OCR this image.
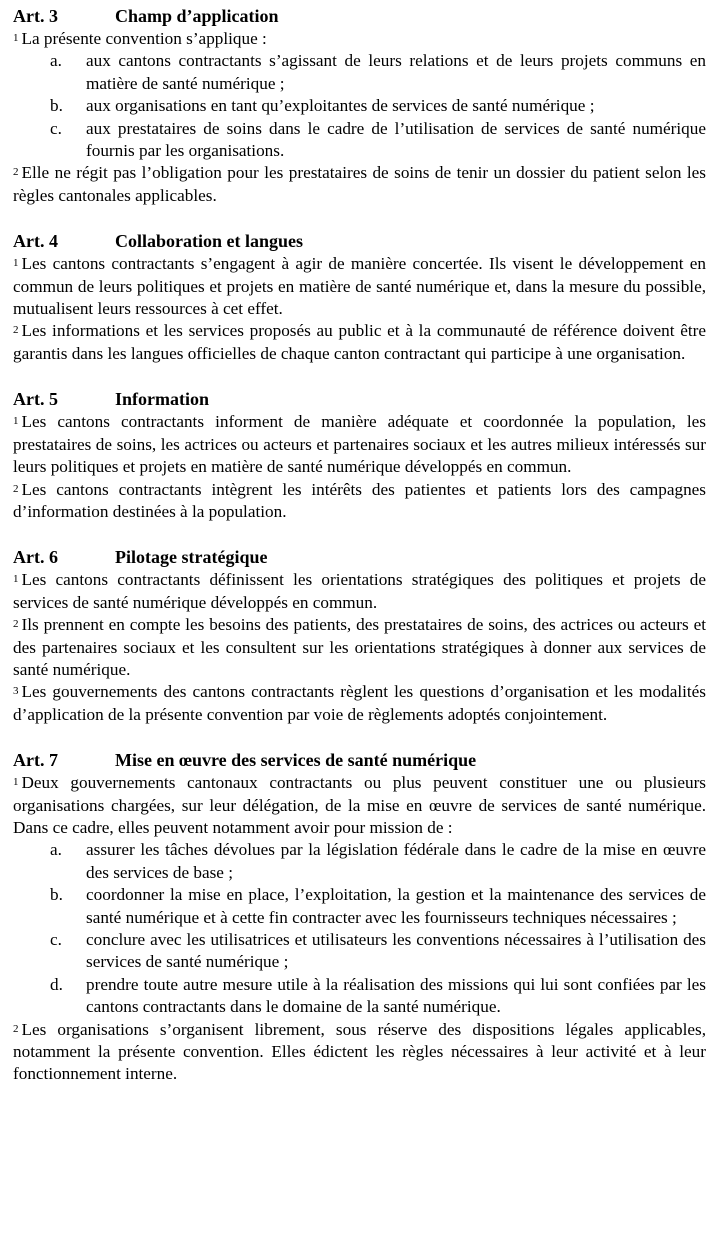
Art. 3	Champ d’application

$^1$ La présente convention s’applique :

a.	aux cantons contractants s’agissant de leurs relations et de leurs projets communs en matière de santé numérique ;
b.	aux organisations en tant qu’exploitantes de services de santé numérique ;
c.	aux prestataires de soins dans le cadre de l’utilisation de services de santé numérique fournis par les organisations.

$^2$ Elle ne régit pas l’obligation pour les prestataires de soins de tenir un dossier du patient selon les règles cantonales applicables.

Art. 4	Collaboration et langues

$^1$ Les cantons contractants s’engagent à agir de manière concertée. Ils visent le développement en commun de leurs politiques et projets en matière de santé numérique et, dans la mesure du possible, mutualisent leurs ressources à cet effet.

$^2$ Les informations et les services proposés au public et à la communauté de référence doivent être garantis dans les langues officielles de chaque canton contractant qui participe à une organisation.

Art. 5	Information

$^1$ Les cantons contractants informent de manière adéquate et coordonnée la population, les prestataires de soins, les actrices ou acteurs et partenaires sociaux et les autres milieux intéressés sur leurs politiques et projets en matière de santé numérique développés en commun.

$^2$ Les cantons contractants intègrent les intérêts des patientes et patients lors des campagnes d’information destinées à la population.

Art. 6	Pilotage stratégique

$^1$ Les cantons contractants définissent les orientations stratégiques des politiques et projets de services de santé numérique développés en commun.

$^2$ Ils prennent en compte les besoins des patients, des prestataires de soins, des actrices ou acteurs et des partenaires sociaux et les consultent sur les orientations stratégiques à donner aux services de santé numérique.

$^3$ Les gouvernements des cantons contractants règlent les questions d’organisation et les modalités d’application de la présente convention par voie de règlements adoptés conjointement.

Art. 7	Mise en œuvre des services de santé numérique

$^1$ Deux gouvernements cantonaux contractants ou plus peuvent constituer une ou plusieurs organisations chargées, sur leur délégation, de la mise en œuvre de services de santé numérique. Dans ce cadre, elles peuvent notamment avoir pour mission de :

a.	assurer les tâches dévolues par la législation fédérale dans le cadre de la mise en œuvre des services de base ;
b.	coordonner la mise en place, l’exploitation, la gestion et la maintenance des services de santé numérique et à cette fin contracter avec les fournisseurs techniques nécessaires ;
c.	conclure avec les utilisatrices et utilisateurs les conventions nécessaires à l’utilisation des services de santé numérique ;
d.	prendre toute autre mesure utile à la réalisation des missions qui lui sont confiées par les cantons contractants dans le domaine de la santé numérique.

$^2$ Les organisations s’organisent librement, sous réserve des dispositions légales applicables, notamment la présente convention. Elles édictent les règles nécessaires à leur activité et à leur fonctionnement interne.
